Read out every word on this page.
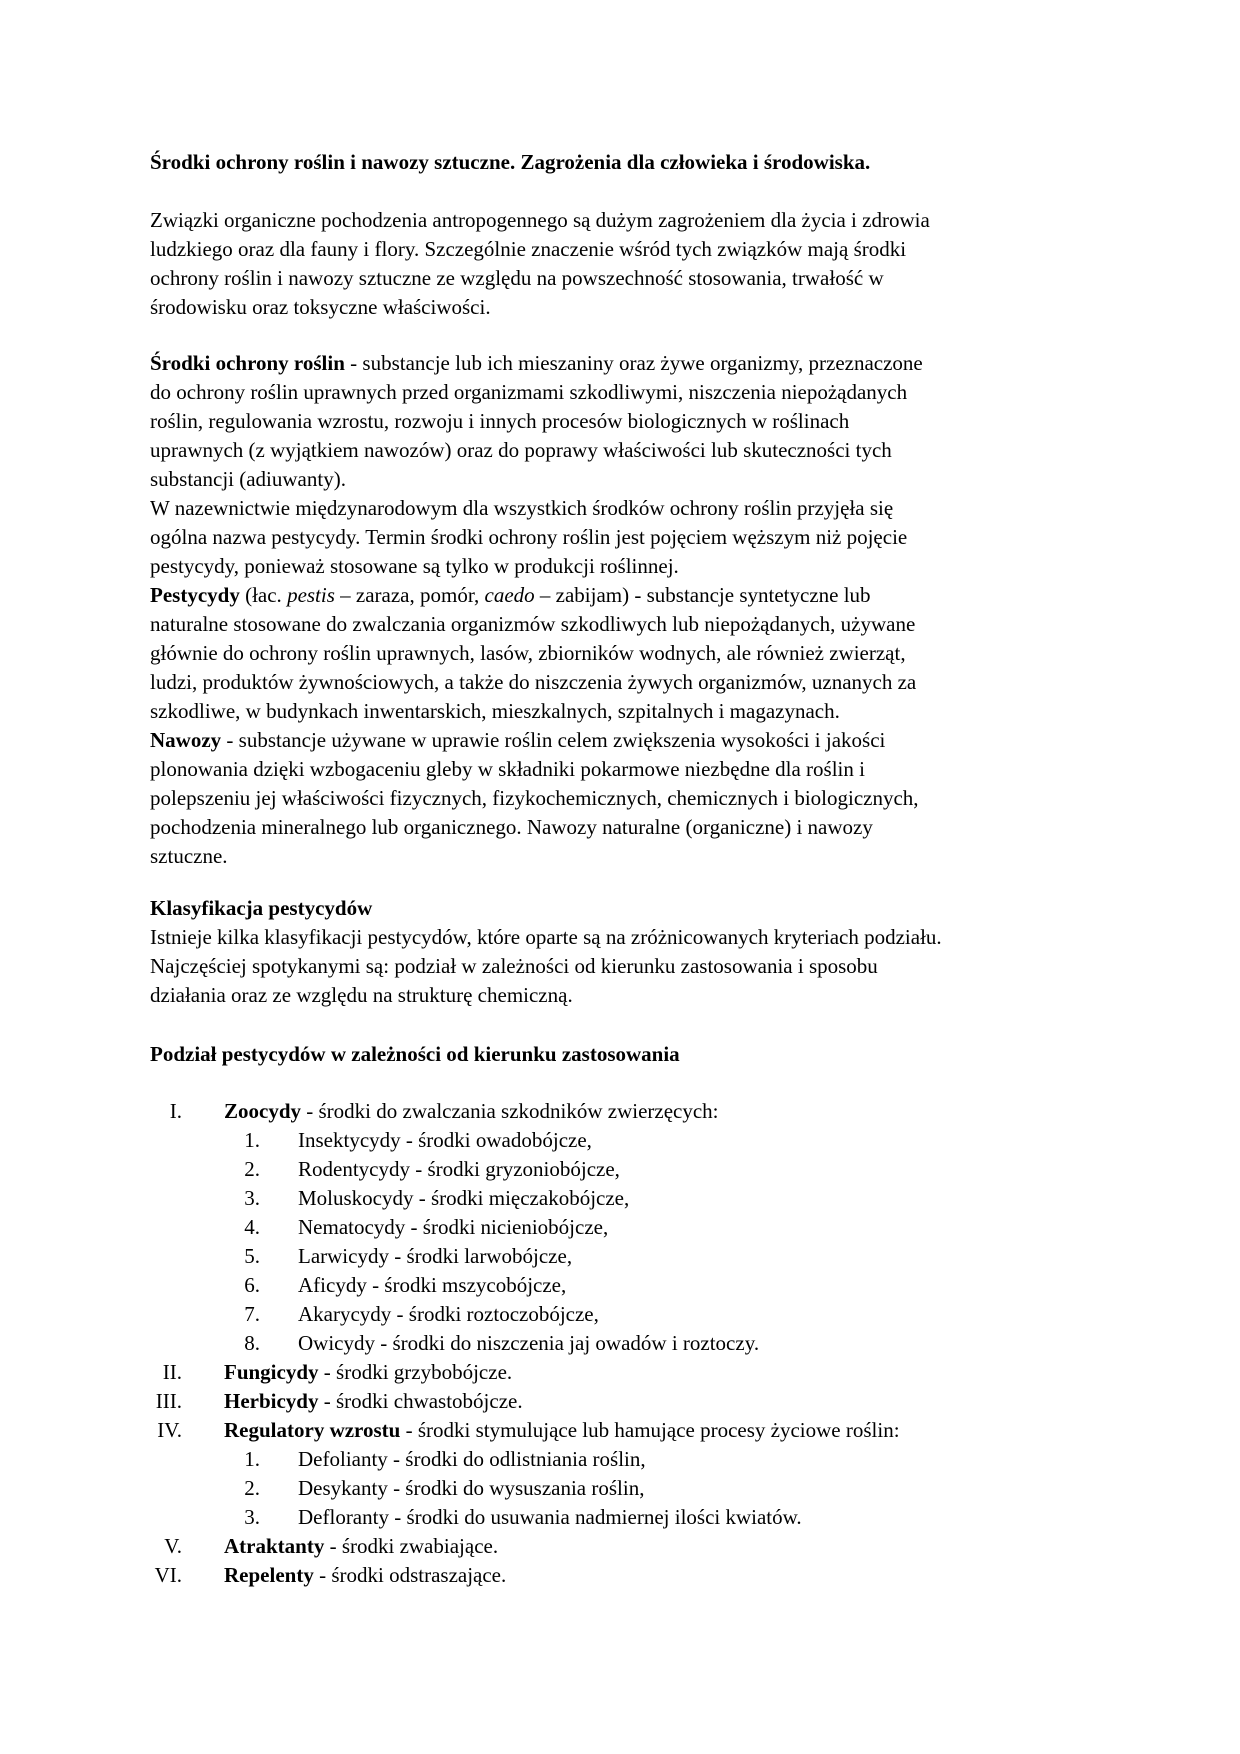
Środki ochrony roślin i nawozy sztuczne. Zagrożenia dla człowieka i środowiska.
Związki organiczne pochodzenia antropogennego są dużym zagrożeniem dla życia i zdrowia
ludzkiego oraz dla fauny i flory. Szczególnie znaczenie wśród tych związków mają środki
ochrony roślin i nawozy sztuczne ze względu na powszechność stosowania, trwałość w
środowisku oraz toksyczne właściwości.
Środki ochrony roślin - substancje lub ich mieszaniny oraz żywe organizmy, przeznaczone
do ochrony roślin uprawnych przed organizmami szkodliwymi, niszczenia niepożądanych
roślin, regulowania wzrostu, rozwoju i innych procesów biologicznych w roślinach
uprawnych (z wyjątkiem nawozów) oraz do poprawy właściwości lub skuteczności tych
substancji (adiuwanty).
W nazewnictwie międzynarodowym dla wszystkich środków ochrony roślin przyjęła się
ogólna nazwa pestycydy. Termin środki ochrony roślin jest pojęciem węższym niż pojęcie
pestycydy, ponieważ stosowane są tylko w produkcji roślinnej.
Pestycydy (łac. pestis – zaraza, pomór, caedo – zabijam) - substancje syntetyczne lub
naturalne stosowane do zwalczania organizmów szkodliwych lub niepożądanych, używane
głównie do ochrony roślin uprawnych, lasów, zbiorników wodnych, ale również zwierząt,
ludzi, produktów żywnościowych, a także do niszczenia żywych organizmów, uznanych za
szkodliwe, w budynkach inwentarskich, mieszkalnych, szpitalnych i magazynach.
Nawozy - substancje używane w uprawie roślin celem zwiększenia wysokości i jakości
plonowania dzięki wzbogaceniu gleby w składniki pokarmowe niezbędne dla roślin i
polepszeniu jej właściwości fizycznych, fizykochemicznych, chemicznych i biologicznych,
pochodzenia mineralnego lub organicznego. Nawozy naturalne (organiczne) i nawozy
sztuczne.
Klasyfikacja pestycydów
Istnieje kilka klasyfikacji pestycydów, które oparte są na zróżnicowanych kryteriach podziału.
Najczęściej spotykanymi są: podział w zależności od kierunku zastosowania i sposobu
działania oraz ze względu na strukturę chemiczną.
Podział pestycydów w zależności od kierunku zastosowania
I. Zoocydy - środki do zwalczania szkodników zwierzęcych:
1. Insektycydy - środki owadobójcze,
2. Rodentycydy - środki gryzoniobójcze,
3. Moluskocydy - środki mięczakobójcze,
4. Nematocydy - środki nicieniobójcze,
5. Larwicydy - środki larwobójcze,
6. Aficydy - środki mszycobójcze,
7. Akarycydy - środki roztoczobójcze,
8. Owicydy - środki do niszczenia jaj owadów i roztoczy.
II. Fungicydy - środki grzybobójcze.
III. Herbicydy - środki chwastobójcze.
IV. Regulatory wzrostu - środki stymulujące lub hamujące procesy życiowe roślin:
1. Defolianty - środki do odlistniania roślin,
2. Desykanty - środki do wysuszania roślin,
3. Defloranty - środki do usuwania nadmiernej ilości kwiatów.
V. Atraktanty - środki zwabiające.
VI. Repelenty - środki odstraszające.
